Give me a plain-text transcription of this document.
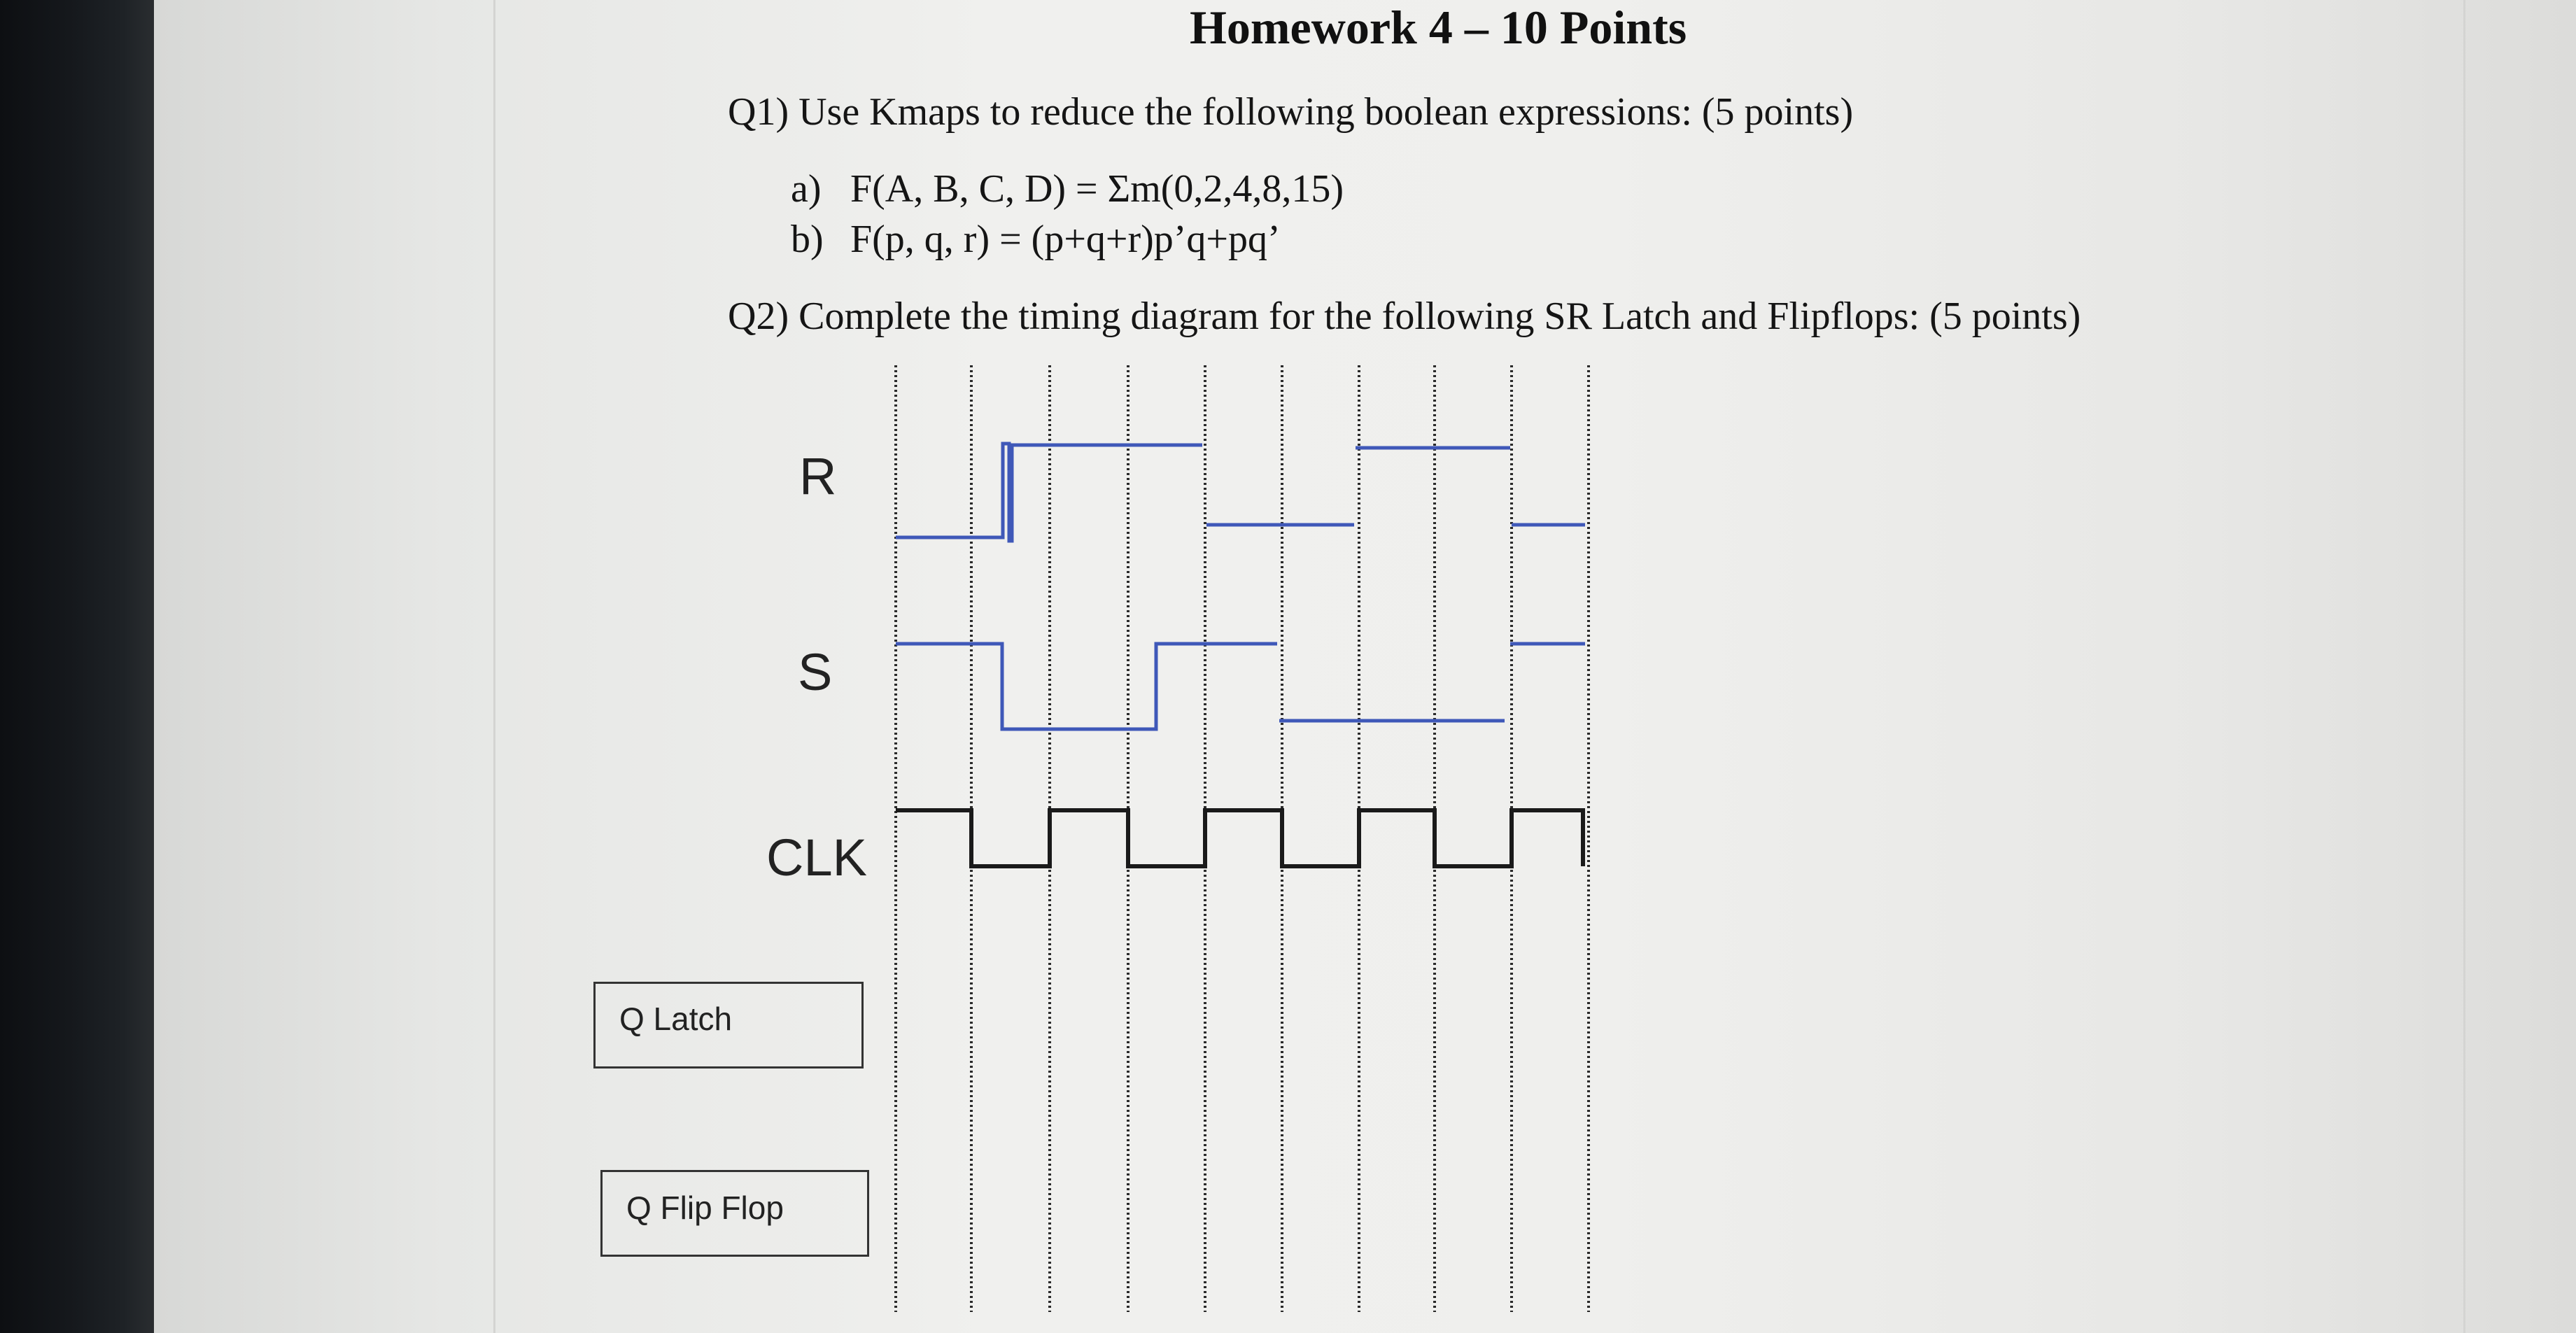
Homework 4 – 10 Points
Q1) Use Kmaps to reduce the following boolean expressions: (5 points)
a) F(A, B, C, D) = Σm(0,2,4,8,15)
b) F(p, q, r) = (p+q+r)p’q+pq’
Q2) Complete the timing diagram for the following SR Latch and Flipflops: (5 points)
R
S
CLK
Q Latch
Q Flip Flop
